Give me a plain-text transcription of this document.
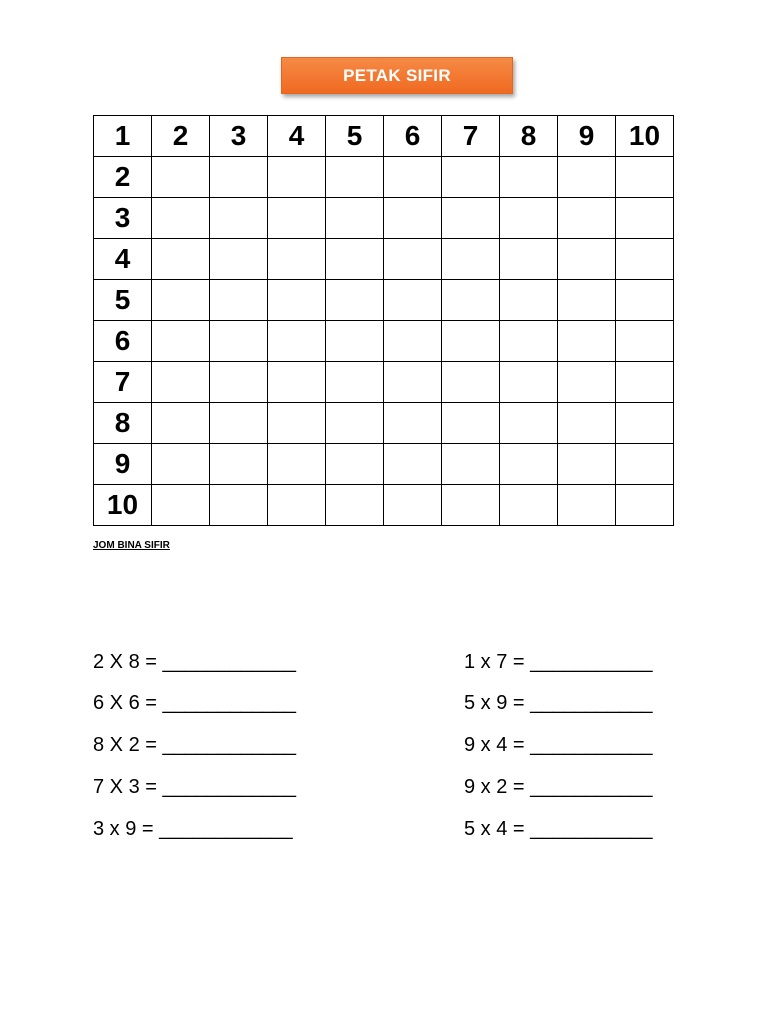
PETAK SIFIR
1	2	3	4	5	6	7	8	9	10
2									
3									
4									
5									
6									
7									
8									
9									
10									
JOM BINA SIFIR
2 X 8 = ____________
6 X 6 = ____________
8 X 2 = ____________
7 X 3 = ____________
3 x 9 = ____________
1 x 7 = ___________
5 x 9 = ___________
9 x 4 = ___________
9 x 2 = ___________
5 x 4 = ___________
